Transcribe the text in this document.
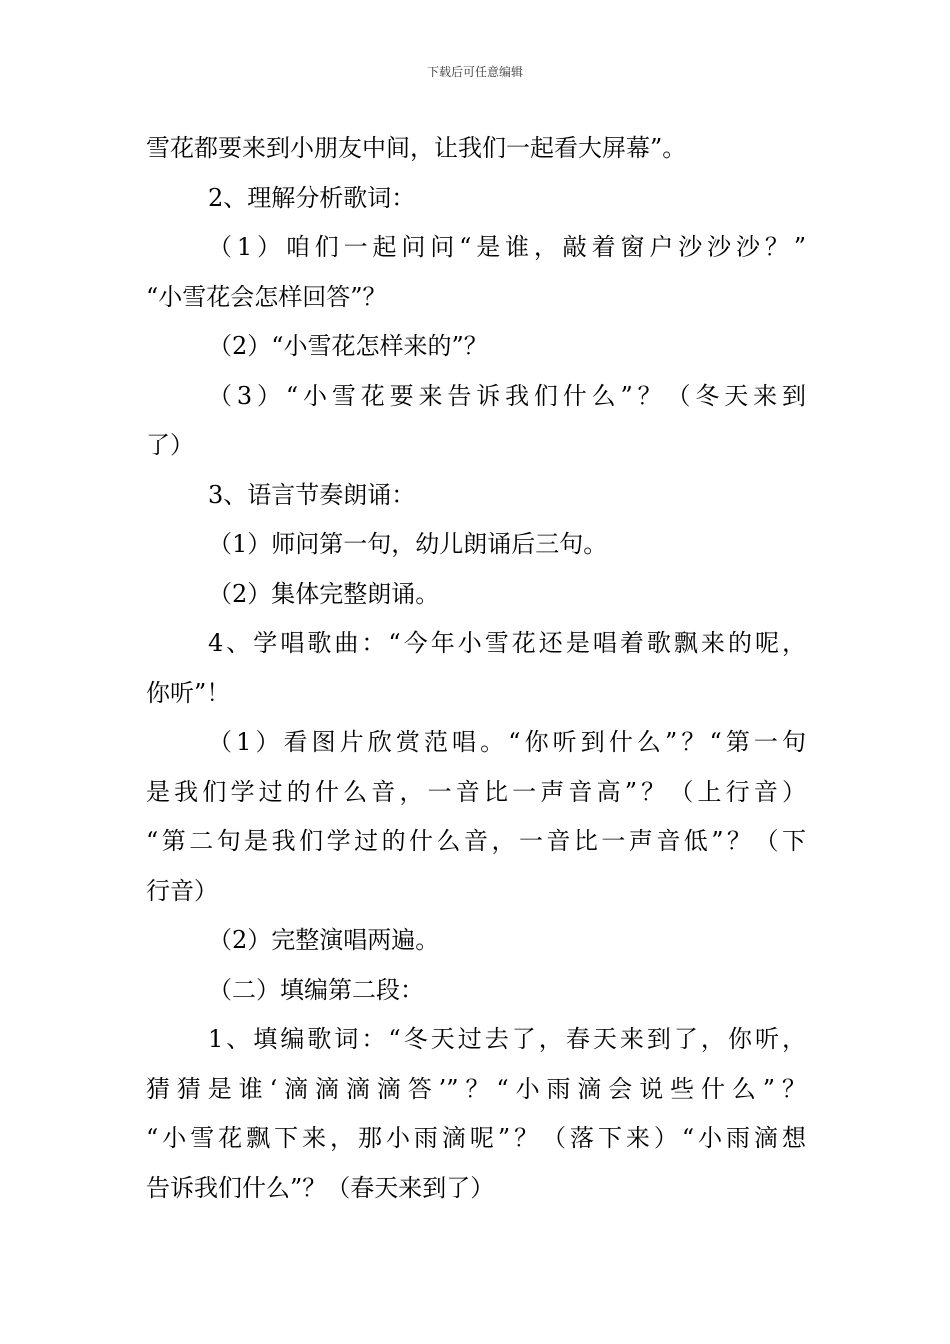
下载后可任意编辑
雪花都要来到小朋友中间，让我们一起看大屏幕”。
2、理解分析歌词：
（1）咱们一起问问“是谁，敲着窗户沙沙沙？”
“小雪花会怎样回答”？
（2）“小雪花怎样来的”？
（3）“小雪花要来告诉我们什么”？（冬天来到
了）
3、语言节奏朗诵：
（1）师问第一句，幼儿朗诵后三句。
（2）集体完整朗诵。
4、学唱歌曲：“今年小雪花还是唱着歌飘来的呢，
你听”！
（1）看图片欣赏范唱。“你听到什么”？“第一句
是我们学过的什么音，一音比一声音高”？（上行音）
“第二句是我们学过的什么音，一音比一声音低”？（下
行音）
（2）完整演唱两遍。
（二）填编第二段：
1、填编歌词：“冬天过去了，春天来到了，你听，
猜猜是谁‘滴滴滴滴答’”？“小雨滴会说些什么”？
“小雪花飘下来，那小雨滴呢”？（落下来）“小雨滴想
告诉我们什么”？（春天来到了）
